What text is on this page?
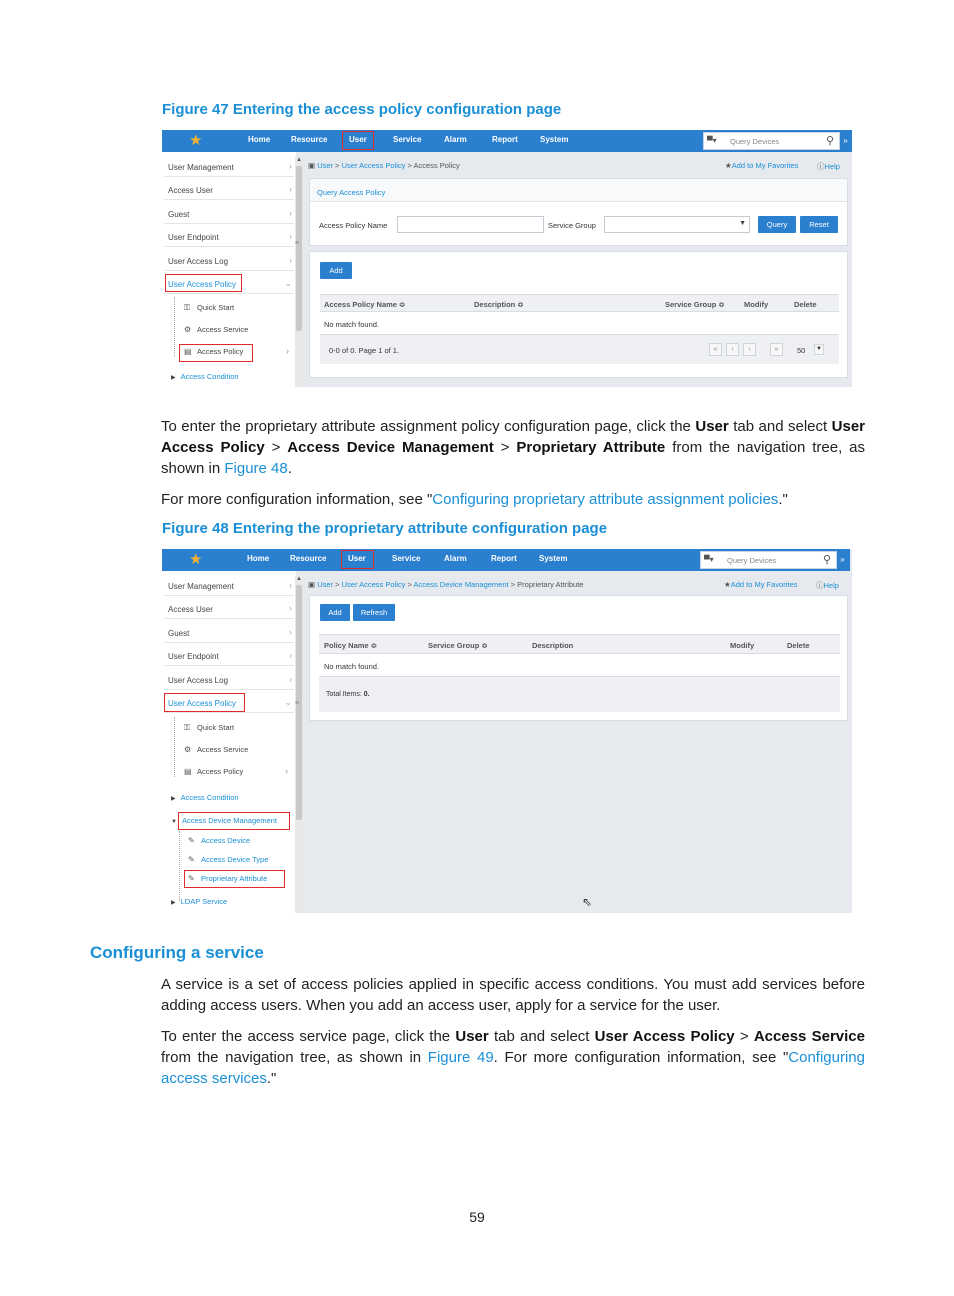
Figure 47 Entering the access policy configuration page
★	Home	Resource	User	Service	Alarm	Report	System	▀▾ Query Devices	⚲ »
User Management	›
Access User	›
Guest	›
User Endpoint	›
User Access Log	›
User Access Policy	⌄
⚿ Quick Start
⚙ Access Service
▤ Access Policy	›
▶ Access Condition
▲
≡
▣ User > User Access Policy > Access Policy	★Add to My Favorites ⓘHelp
Query Access Policy
Access Policy Name	Service Group	▼	Query	Reset
Add
Access Policy Name ≎	Description ≎	Service Group ≎	Modify	Delete
No match found.
0-0 of 0. Page 1 of 1.	«	‹	›	»	50	▼
To enter the proprietary attribute assignment policy configuration page, click the User tab and select User Access Policy > Access Device Management > Proprietary Attribute from the navigation tree, as shown in Figure 48.
For more configuration information, see "Configuring proprietary attribute assignment policies."
Figure 48 Entering the proprietary attribute configuration page
★	Home	Resource	User	Service	Alarm	Report	System	▀▾ Query Devices	⚲ »
User Management	›
Access User	›
Guest	›
User Endpoint	›
User Access Log	›
User Access Policy	⌄
⚿ Quick Start
⚙ Access Service
▤ Access Policy	›
▶ Access Condition
▼ Access Device Management
✎ Access Device
✎ Access Device Type
✎ Proprietary Attribute
▶ LDAP Service
▲
≡
▣ User > User Access Policy > Access Device Management > Proprietary Attribute	★Add to My Favorites ⓘHelp
Add	Refresh
Policy Name ≎	Service Group ≎	Description	Modify	Delete
No match found.
Total Items: 0.
⇖
Configuring a service
A service is a set of access policies applied in specific access conditions. You must add services before adding access users. When you add an access user, apply for a service for the user.
To enter the access service page, click the User tab and select User Access Policy > Access Service from the navigation tree, as shown in Figure 49. For more configuration information, see "Configuring access services."
59
